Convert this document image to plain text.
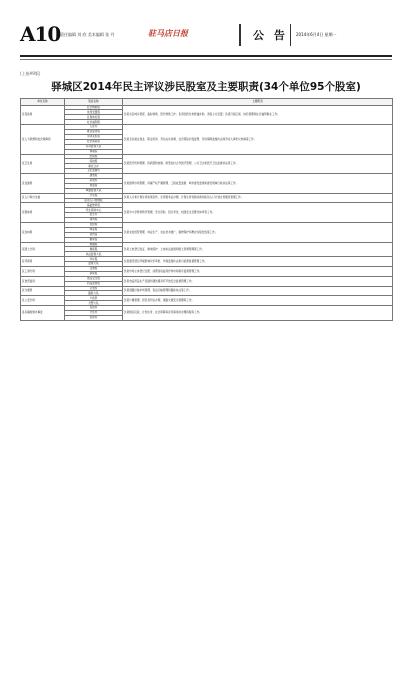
A10 责任编辑 刘 欣 美术编辑 张 丹	驻马店日报	公 告 2014年6月4日 星期一
(上接A9版)
驿城区2014年民主评议涉民股室及主要职责(34个单位95个股室)
单位名称	股室名称	主要职责
区民政局	社会救助股	负责全区城乡低保、临时救助、医疗救助工作；负责优抚对象抚恤补助、退役士兵安置；负责行政区划、地名管理和社会福利事业工作。
	优抚安置股	
	区划地名股	
	社会福利股	
区人力资源和社会保障局	人社办	负责全区就业创业、职业培训、劳动关系协调、社会保险扩面征缴、劳动保障监察执法和劳动人事争议仲裁等工作。
	就业促进股	
	劳动关系股	
	社会保险股	
	劳动监察大队	
	仲裁院	
区卫生局	医政股	负责医疗机构管理、疾病预防控制、新型农村合作医疗管理、公共卫生和医疗卫生监督执法等工作。
	疾控股	
	新农合办	
	卫生监督所	
区住建局	建管股	负责建筑市场管理、房屋产权产籍管理、工程质量监督、城市建设监察和建设领域行政执法等工作。
	房管所	
	质监站	
	城建监察大队	
区人口和计生委	计生股	负责人口和计划生育政策宣传、生育服务证办理、计划生育奖励扶助和流动人口计划生育服务管理工作。
	流动人口管理股	
区教体局	基础教育股	负责中小学教育教学管理、学生资助、招生考试、校园安全及群众体育等工作。
	学生资助中心	
	招生办	
	体育股	
区农林局	农经股	负责农村经营管理、林业生产、农业技术推广、植物保护和惠农补贴发放等工作。
	林业股	
	农技站	
	植保站	
区国土分局	地籍股	负责土地登记发证、耕地保护、土地执法监察和国土资源管理等工作。
	耕保股	
	执法监察大队	
区环保局	环评股	负责建设项目环境影响评价审批、环境监察执法和污染源监督管理工作。
	监察大队	
区工商分局	注册股	负责市场主体登记注册、消费者权益保护和市场秩序监督管理工作。
	消保股	
区食药监局	食品安全股	负责食品药品生产流通和餐饮服务环节的安全监督管理工作。
	药品监管股	
区交通局	运管所	负责道路运输市场管理、客货运输管理和路政执法等工作。
	路政大队	
区公安分局	户政科	负责户籍管理、居民身份证办理、道路交通安全管理等工作。
	交警大队	
各乡镇街道办事处	民政所	负责辖区民政、计划生育、社会保障等涉民事务的办理和服务工作。
	计生办	
	社保所	
